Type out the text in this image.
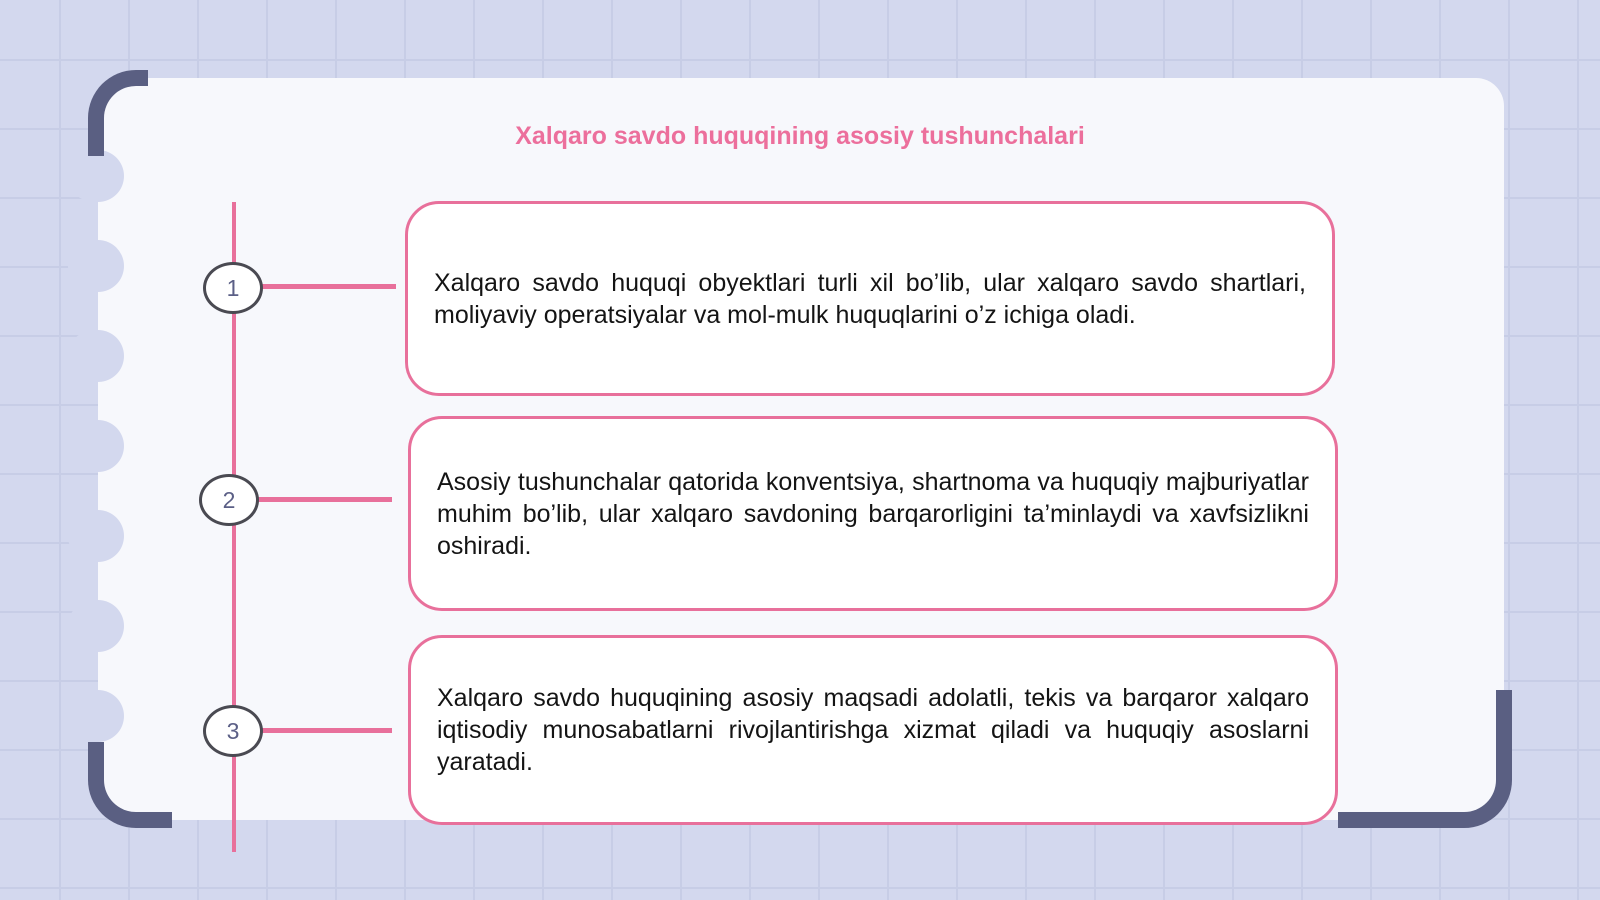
Xalqaro savdo huquqining asosiy tushunchalari
1
2
3
Xalqaro savdo huquqi obyektlari turli xil bo’lib, ular xalqaro savdo shartlari, moliyaviy operatsiyalar va mol-mulk huquqlarini o’z ichiga oladi.
Asosiy tushunchalar qatorida konventsiya, shartnoma va huquqiy majburiyatlar muhim bo’lib, ular xalqaro savdoning barqarorligini ta’minlaydi va xavfsizlikni oshiradi.
Xalqaro savdo huquqining asosiy maqsadi adolatli, tekis va barqaror xalqaro iqtisodiy munosabatlarni rivojlantirishga xizmat qiladi va huquqiy asoslarni yaratadi.
